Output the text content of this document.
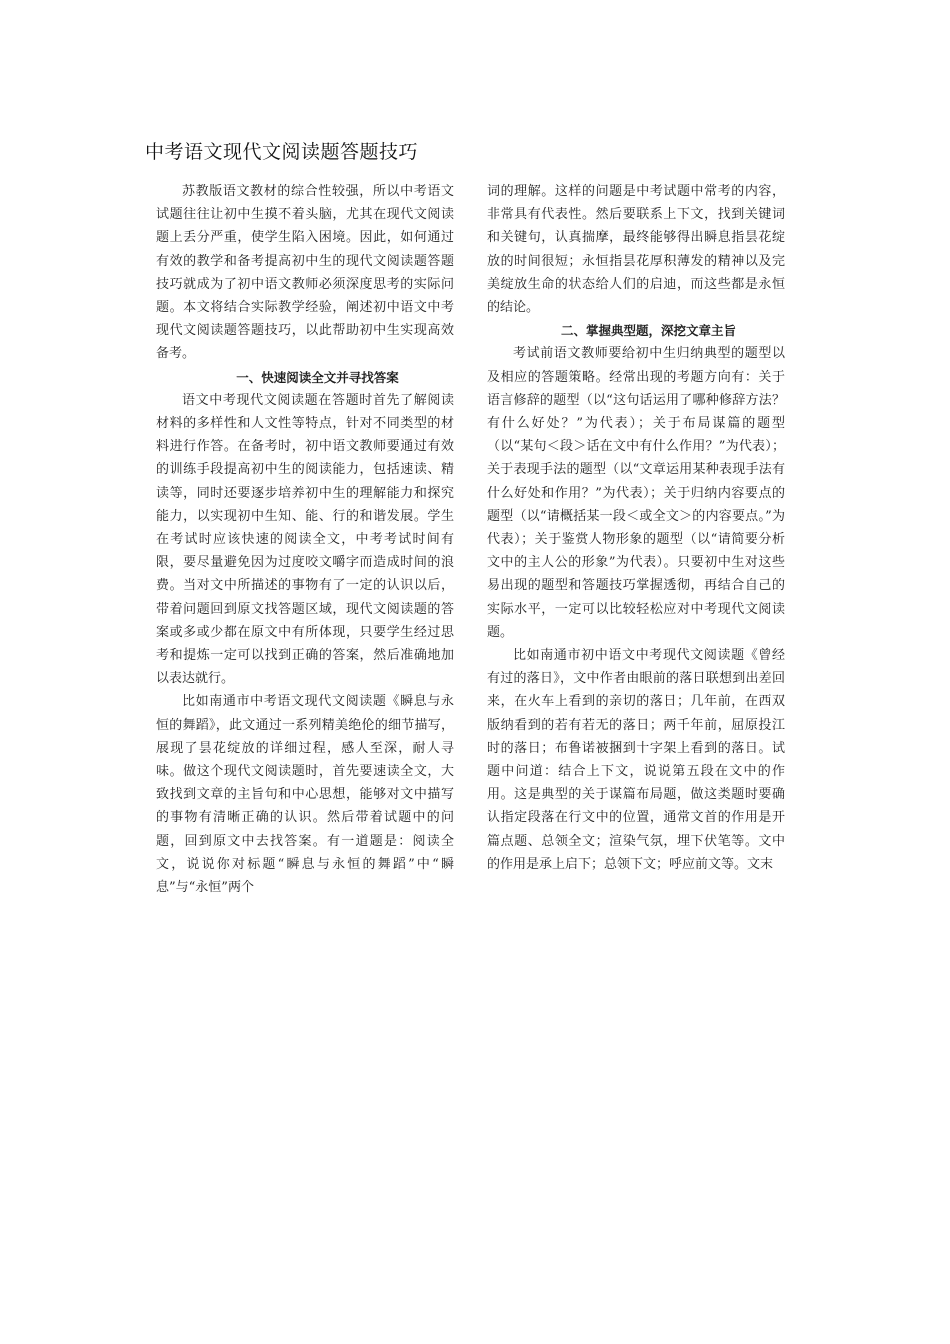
中考语文现代文阅读题答题技巧

苏教版语文教材的综合性较强，所以中考语文试题往往让初中生摸不着头脑，尤其在现代文阅读题上丢分严重，使学生陷入困境。因此，如何通过有效的教学和备考提高初中生的现代文阅读题答题技巧就成为了初中语文教师必须深度思考的实际问题。本文将结合实际教学经验，阐述初中语文中考现代文阅读题答题技巧，以此帮助初中生实现高效备考。

一、快速阅读全文并寻找答案

语文中考现代文阅读题在答题时首先了解阅读材料的多样性和人文性等特点，针对不同类型的材料进行作答。在备考时，初中语文教师要通过有效的训练手段提高初中生的阅读能力，包括速读、精读等，同时还要逐步培养初中生的理解能力和探究能力，以实现初中生知、能、行的和谐发展。学生在考试时应该快速的阅读全文，中考考试时间有限，要尽量避免因为过度咬文嚼字而造成时间的浪费。当对文中所描述的事物有了一定的认识以后，带着问题回到原文找答题区域，现代文阅读题的答案或多或少都在原文中有所体现，只要学生经过思考和提炼一定可以找到正确的答案，然后准确地加以表达就行。

比如南通市中考语文现代文阅读题《瞬息与永恒的舞蹈》，此文通过一系列精美绝伦的细节描写，展现了昙花绽放的详细过程，感人至深，耐人寻味。做这个现代文阅读题时，首先要速读全文，大致找到文章的主旨句和中心思想，能够对文中描写的事物有清晰正确的认识。然后带着试题中的问题，回到原文中去找答案。有一道题是：阅读全文，说说你对标题“瞬息与永恒的舞蹈”中“瞬息”与“永恒”两个

词的理解。这样的问题是中考试题中常考的内容，非常具有代表性。然后要联系上下文，找到关键词和关键句，认真揣摩，最终能够得出瞬息指昙花绽放的时间很短；永恒指昙花厚积薄发的精神以及完美绽放生命的状态给人们的启迪，而这些都是永恒的结论。

二、掌握典型题，深挖文章主旨

考试前语文教师要给初中生归纳典型的题型以及相应的答题策略。经常出现的考题方向有：关于语言修辞的题型（以“这句话运用了哪种修辞方法？有什么好处？”为代表）；关于布局谋篇的题型（以“某句＜段＞话在文中有什么作用？”为代表）；关于表现手法的题型（以“文章运用某种表现手法有什么好处和作用？”为代表）；关于归纳内容要点的题型（以“请概括某一段＜或全文＞的内容要点。”为代表）；关于鉴赏人物形象的题型（以“请简要分析文中的主人公的形象”为代表）。只要初中生对这些易出现的题型和答题技巧掌握透彻，再结合自己的实际水平，一定可以比较轻松应对中考现代文阅读题。

比如南通市初中语文中考现代文阅读题《曾经有过的落日》，文中作者由眼前的落日联想到出差回来，在火车上看到的亲切的落日；几年前，在西双版纳看到的若有若无的落日；两千年前，屈原投江时的落日；布鲁诺被捆到十字架上看到的落日。试题中问道：结合上下文，说说第五段在文中的作用。这是典型的关于谋篇布局题，做这类题时要确认指定段落在行文中的位置，通常文首的作用是开篇点题、总领全文；渲染气氛，埋下伏笔等。文中的作用是承上启下；总领下文；呼应前文等。文末
